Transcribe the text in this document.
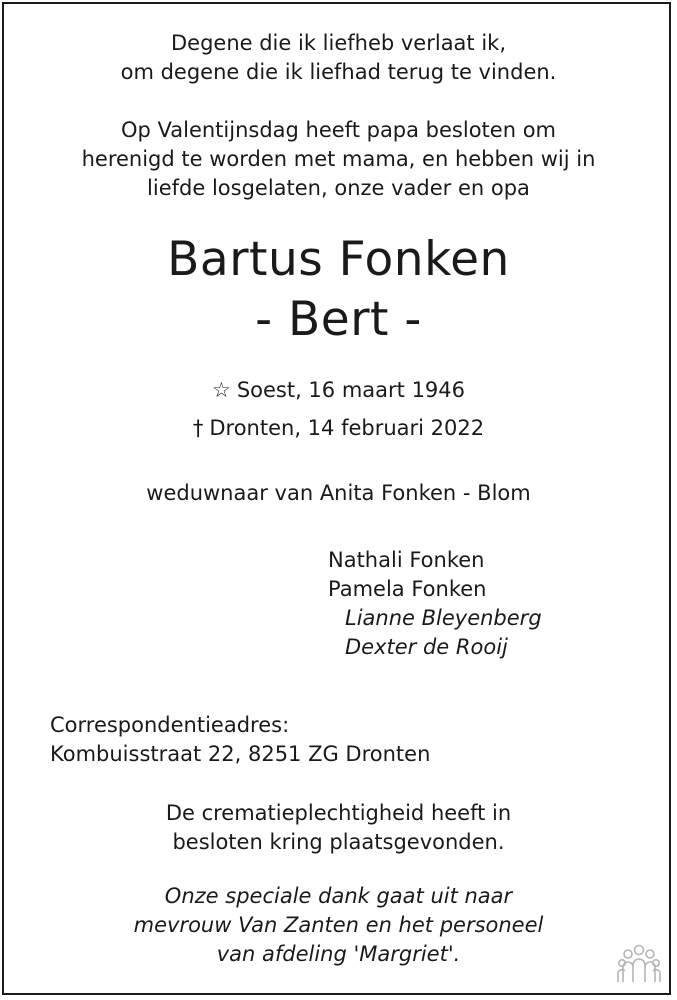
Degene die ik liefheb verlaat ik,
om degene die ik liefhad terug te vinden.
Op Valentijnsdag heeft papa besloten om
herenigd te worden met mama, en hebben wij in
liefde losgelaten, onze vader en opa
Bartus Fonken
- Bert -
☆ Soest, 16 maart 1946
† Dronten, 14 februari 2022
weduwnaar van Anita Fonken - Blom
Nathali Fonken
Pamela Fonken
Lianne Bleyenberg
Dexter de Rooij
Correspondentieadres:
Kombuisstraat 22, 8251 ZG Dronten
De crematieplechtigheid heeft in
besloten kring plaatsgevonden.
Onze speciale dank gaat uit naar
mevrouw Van Zanten en het personeel
van afdeling 'Margriet'.
